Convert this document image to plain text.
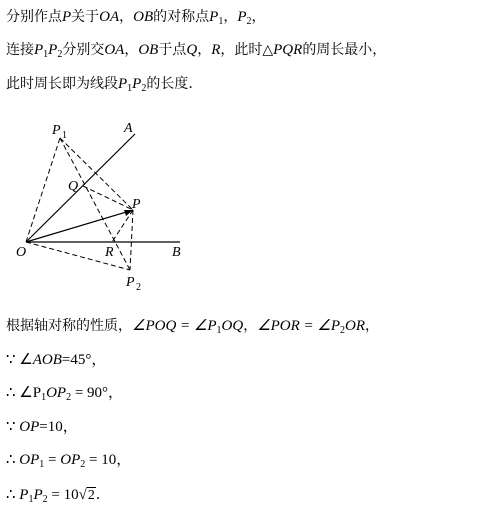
分别作点P关于OA，OB的对称点$P_1$，$P_2$，
连接$P_1P_2$分别交OA，OB于点Q，R，此时△PQR的周长最小，
此时周长即为线段$P_1P_2$的长度.
P 1	A
Q
P
O	R	B
P 2
根据轴对称的性质，∠POQ = $\angle P_1OQ$，∠POR = $\angle P_2OR$，
∵ ∠AOB=45°，
∴ $\angle P_1OP_2 = 90^\circ$，
∵ OP=10，
∴ $OP_1 = OP_2 = 10$，
∴ $P_1P_2 = 10√2$．
